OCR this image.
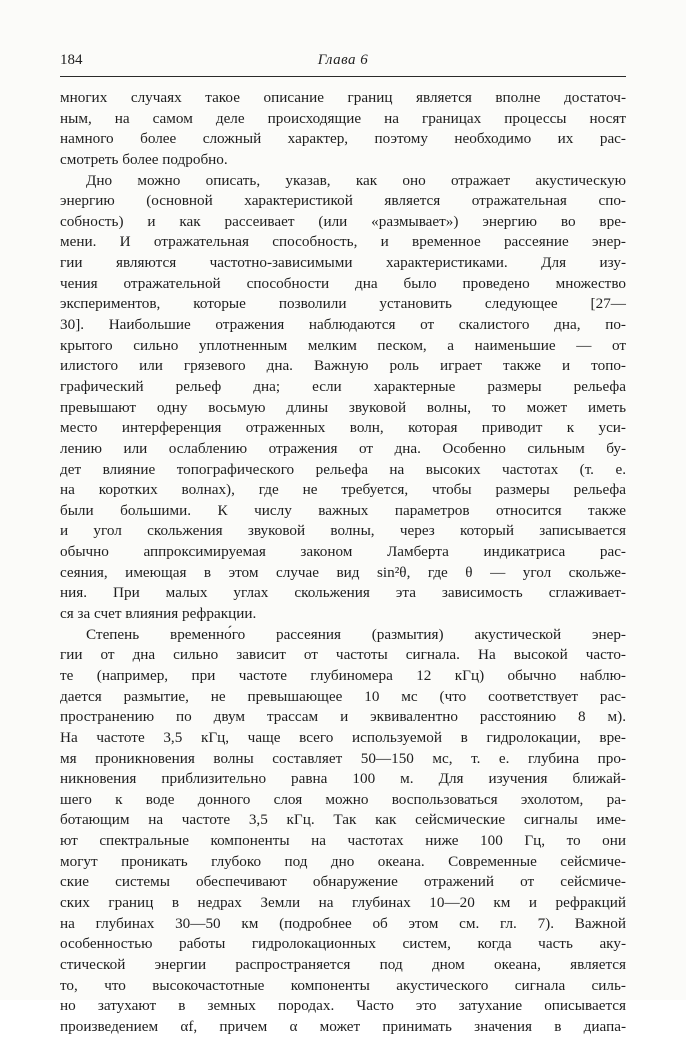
184	Глава 6
многих случаях такое описание границ является вполне достаточ-
ным, на самом деле происходящие на границах процессы носят
намного более сложный характер, поэтому необходимо их рас-
смотреть более подробно.
Дно можно описать, указав, как оно отражает акустическую
энергию (основной характеристикой является отражательная спо-
собность) и как рассеивает (или «размывает») энергию во вре-
мени. И отражательная способность, и временное рассеяние энер-
гии являются частотно-зависимыми характеристиками. Для изу-
чения отражательной способности дна было проведено множество
экспериментов, которые позволили установить следующее [27—
30]. Наибольшие отражения наблюдаются от скалистого дна, по-
крытого сильно уплотненным мелким песком, а наименьшие — от
илистого или грязевого дна. Важную роль играет также и топо-
графический рельеф дна; если характерные размеры рельефа
превышают одну восьмую длины звуковой волны, то может иметь
место интерференция отраженных волн, которая приводит к уси-
лению или ослаблению отражения от дна. Особенно сильным бу-
дет влияние топографического рельефа на высоких частотах (т. е.
на коротких волнах), где не требуется, чтобы размеры рельефа
были большими. К числу важных параметров относится также
и угол скольжения звуковой волны, через который записывается
обычно аппроксимируемая законом Ламберта индикатриса рас-
сеяния, имеющая в этом случае вид sin²θ, где θ — угол скольже-
ния. При малых углах скольжения эта зависимость сглаживает-
ся за счет влияния рефракции.
Степень временно́го рассеяния (размытия) акустической энер-
гии от дна сильно зависит от частоты сигнала. На высокой часто-
те (например, при частоте глубиномера 12 кГц) обычно наблю-
дается размытие, не превышающее 10 мс (что соответствует рас-
пространению по двум трассам и эквивалентно расстоянию 8 м).
На частоте 3,5 кГц, чаще всего используемой в гидролокации, вре-
мя проникновения волны составляет 50—150 мс, т. е. глубина про-
никновения приблизительно равна 100 м. Для изучения ближай-
шего к воде донного слоя можно воспользоваться эхолотом, ра-
ботающим на частоте 3,5 кГц. Так как сейсмические сигналы име-
ют спектральные компоненты на частотах ниже 100 Гц, то они
могут проникать глубоко под дно океана. Современные сейсмиче-
ские системы обеспечивают обнаружение отражений от сейсмиче-
ских границ в недрах Земли на глубинах 10—20 км и рефракций
на глубинах 30—50 км (подробнее об этом см. гл. 7). Важной
особенностью работы гидролокационных систем, когда часть аку-
стической энергии распространяется под дном океана, является
то, что высокочастотные компоненты акустического сигнала силь-
но затухают в земных породах. Часто это затухание описывается
произведением αf, причем α может принимать значения в диапа-
